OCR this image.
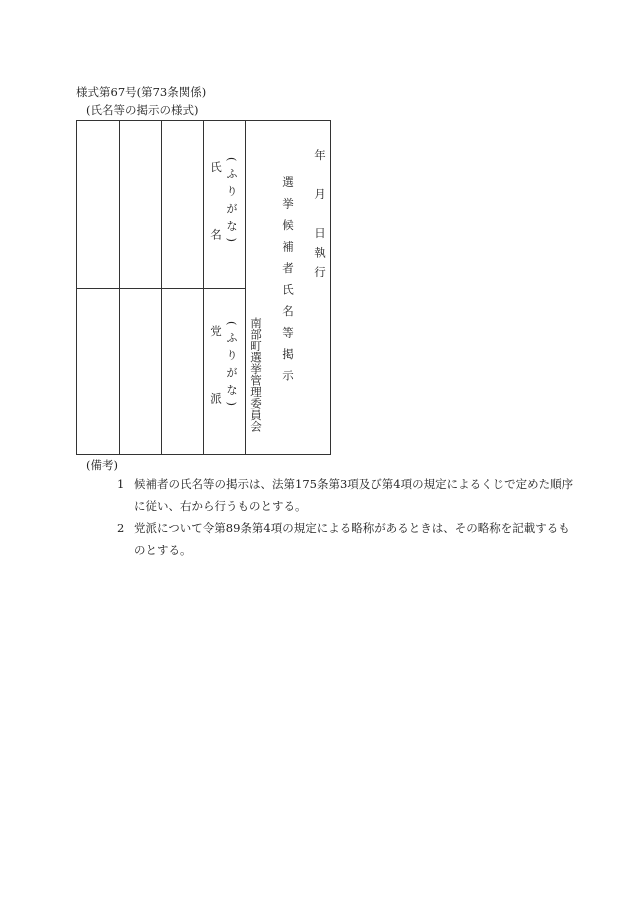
様式第67号(第73条関係)
(氏名等の掲示の様式)
(ふりがな)
氏　　名
(ふりがな)
党　　派
年　月　日執行
選挙候補者氏名等掲示
南部町選挙管理委員会
(備考)
1 候補者の氏名等の掲示は、法第175条第3項及び第4項の規定によるくじで定めた順序に従い、右から行うものとする。
2 党派について令第89条第4項の規定による略称があるときは、その略称を記載するものとする。
